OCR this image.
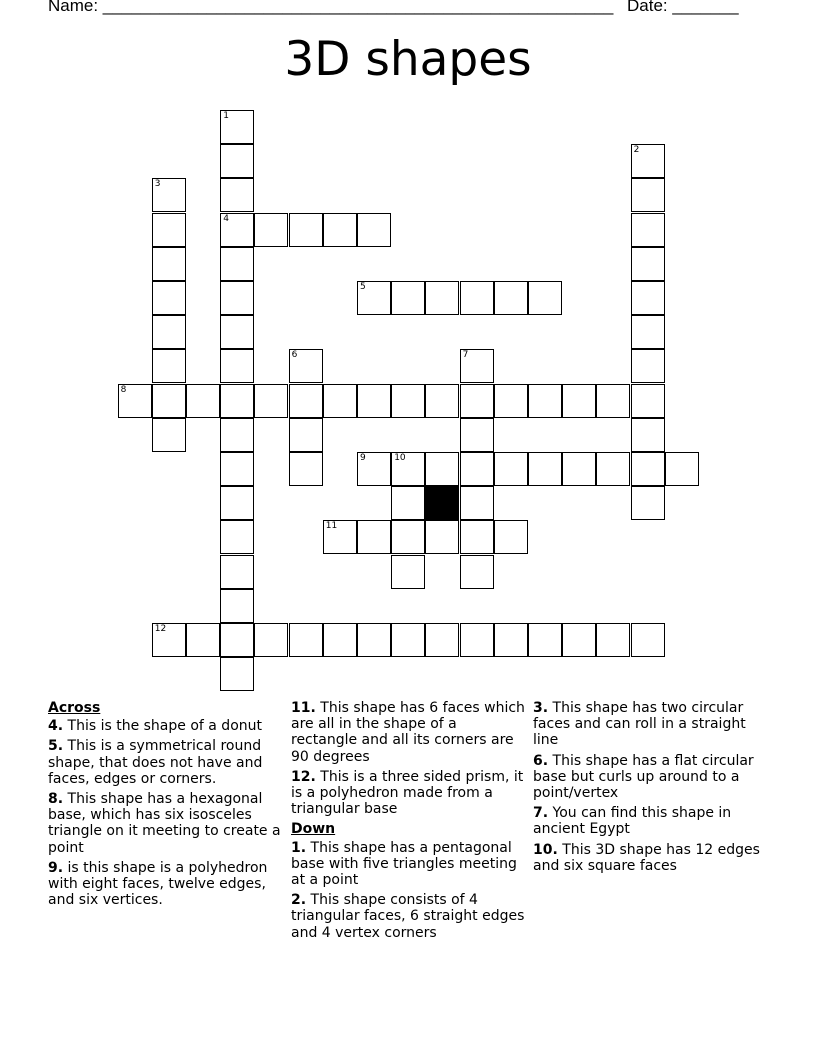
Name: ______________________________________________________ Date: _______
3D shapes
1
4
2
3
5
6	7
8
9	10
11
12

Across

4. This is the shape of a donut

5. This is a symmetrical round shape, that does not have and faces, edges or corners.

8. This shape has a hexagonal base, which has six isosceles triangle on it meeting to create a point

9. is this shape is a polyhedron with eight faces, twelve edges, and six vertices.

11. This shape has 6 faces which are all in the shape of a rectangle and all its corners are 90 degrees

12. This is a three sided prism, it is a polyhedron made from a triangular base

Down

1. This shape has a pentagonal base with five triangles meeting at a point

2. This shape consists of 4 triangular faces, 6 straight edges and 4 vertex corners

3. This shape has two circular faces and can roll in a straight line

6. This shape has a flat circular base but curls up around to a point/vertex

7. You can find this shape in ancient Egypt

10. This 3D shape has 12 edges and six square faces
